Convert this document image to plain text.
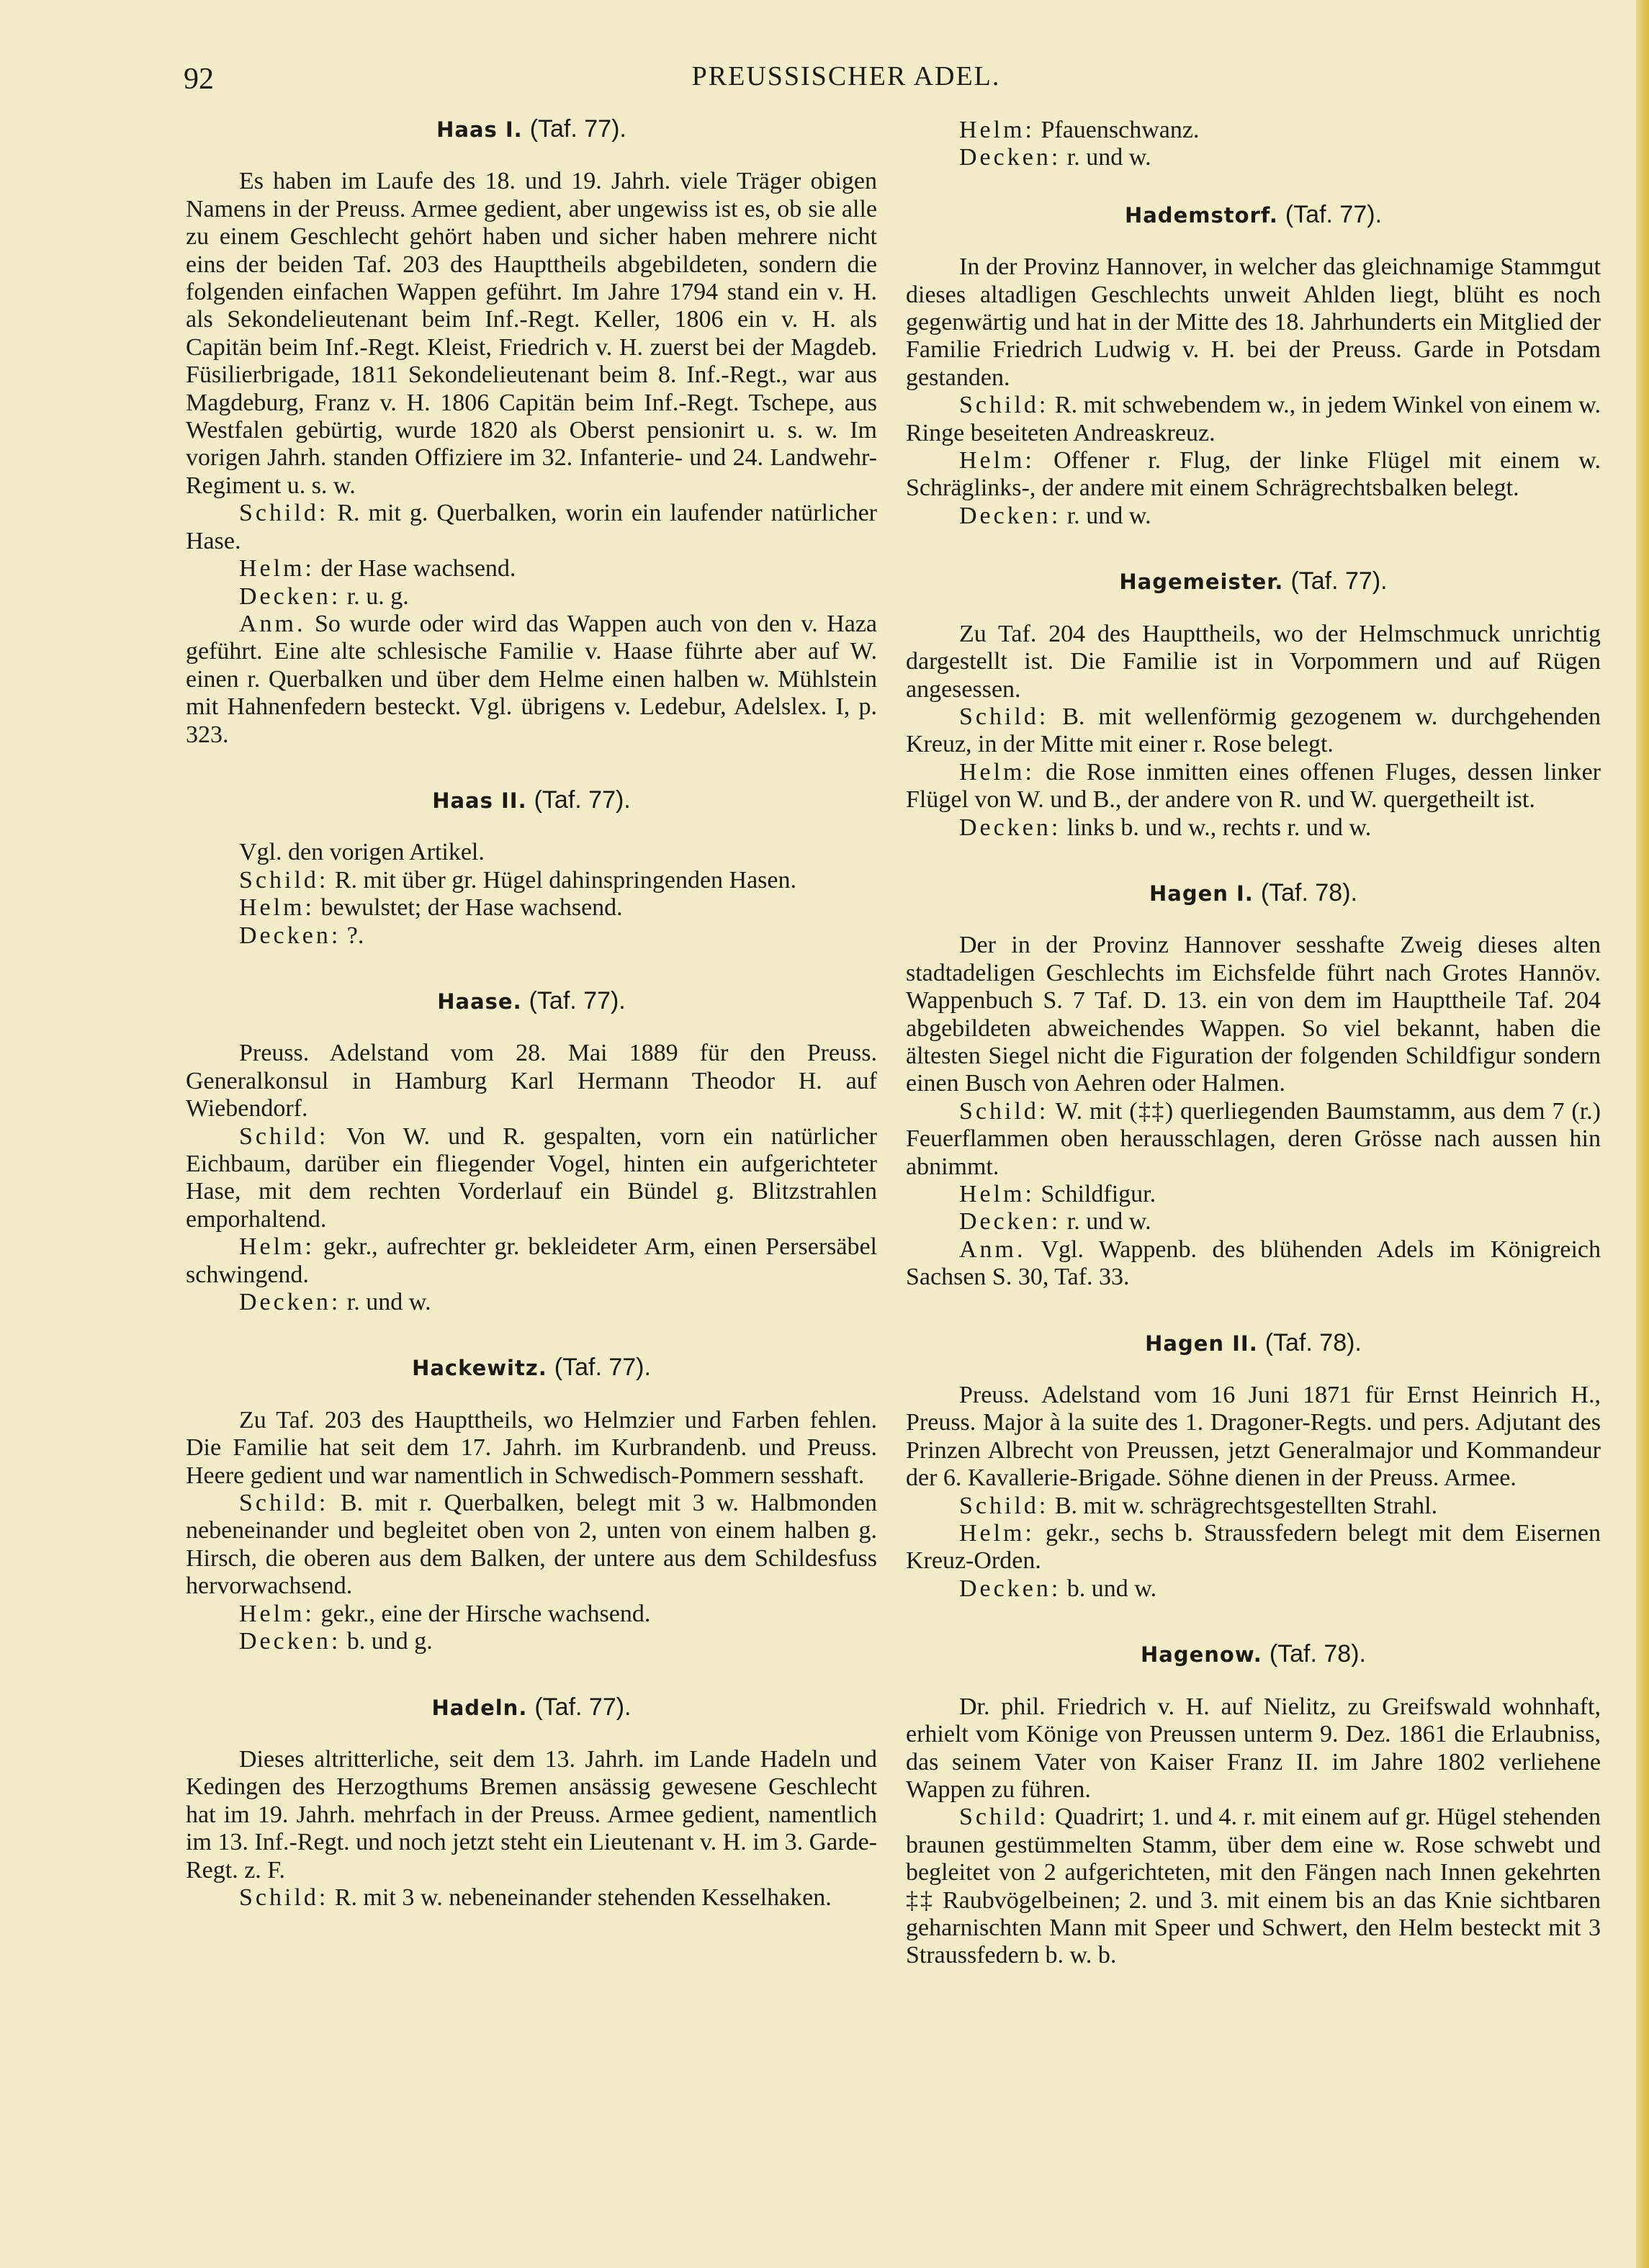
92	PREUSSISCHER ADEL.
Haas I. (Taf. 77).

Es haben im Laufe des 18. und 19. Jahrh. viele Träger obigen Namens in der Preuss. Armee gedient, aber ungewiss ist es, ob sie alle zu einem Geschlecht gehört haben und sicher haben mehrere nicht eins der beiden Taf. 203 des Haupttheils abgebildeten, sondern die folgenden einfachen Wappen geführt. Im Jahre 1794 stand ein v. H. als Sekondelieutenant beim Inf.-Regt. Keller, 1806 ein v. H. als Capitän beim Inf.-Regt. Kleist, Friedrich v. H. zuerst bei der Magdeb. Füsilierbrigade, 1811 Sekondelieutenant beim 8. Inf.-Regt., war aus Magdeburg, Franz v. H. 1806 Capitän beim Inf.-Regt. Tschepe, aus Westfalen gebürtig, wurde 1820 als Oberst pensionirt u. s. w. Im vorigen Jahrh. standen Offiziere im 32. Infanterie- und 24. Landwehr-Regiment u. s. w.

Schild: R. mit g. Querbalken, worin ein laufender natürlicher Hase.

Helm: der Hase wachsend.

Decken: r. u. g.

Anm. So wurde oder wird das Wappen auch von den v. Haza geführt. Eine alte schlesische Familie v. Haase führte aber auf W. einen r. Querbalken und über dem Helme einen halben w. Mühlstein mit Hahnenfedern besteckt. Vgl. übrigens v. Ledebur, Adelslex. I, p. 323.

Haas II. (Taf. 77).

Vgl. den vorigen Artikel.

Schild: R. mit über gr. Hügel dahinspringenden Hasen.

Helm: bewulstet; der Hase wachsend.

Decken: ?.

Haase. (Taf. 77).

Preuss. Adelstand vom 28. Mai 1889 für den Preuss. Generalkonsul in Hamburg Karl Hermann Theodor H. auf Wiebendorf.

Schild: Von W. und R. gespalten, vorn ein natürlicher Eichbaum, darüber ein fliegender Vogel, hinten ein aufgerichteter Hase, mit dem rechten Vorderlauf ein Bündel g. Blitzstrahlen emporhaltend.

Helm: gekr., aufrechter gr. bekleideter Arm, einen Persersäbel schwingend.

Decken: r. und w.

Hackewitz. (Taf. 77).

Zu Taf. 203 des Haupttheils, wo Helmzier und Farben fehlen. Die Familie hat seit dem 17. Jahrh. im Kurbrandenb. und Preuss. Heere gedient und war namentlich in Schwedisch-Pommern sesshaft.

Schild: B. mit r. Querbalken, belegt mit 3 w. Halbmonden nebeneinander und begleitet oben von 2, unten von einem halben g. Hirsch, die oberen aus dem Balken, der untere aus dem Schildesfuss hervorwachsend.

Helm: gekr., eine der Hirsche wachsend.

Decken: b. und g.

Hadeln. (Taf. 77).

Dieses altritterliche, seit dem 13. Jahrh. im Lande Hadeln und Kedingen des Herzogthums Bremen ansässig gewesene Geschlecht hat im 19. Jahrh. mehrfach in der Preuss. Armee gedient, namentlich im 13. Inf.-Regt. und noch jetzt steht ein Lieutenant v. H. im 3. Garde-Regt. z. F.

Schild: R. mit 3 w. nebeneinander stehenden Kesselhaken.

Helm: Pfauenschwanz.

Decken: r. und w.

Hademstorf. (Taf. 77).

In der Provinz Hannover, in welcher das gleichnamige Stammgut dieses altadligen Geschlechts unweit Ahlden liegt, blüht es noch gegenwärtig und hat in der Mitte des 18. Jahrhunderts ein Mitglied der Familie Friedrich Ludwig v. H. bei der Preuss. Garde in Potsdam gestanden.

Schild: R. mit schwebendem w., in jedem Winkel von einem w. Ringe beseiteten Andreaskreuz.

Helm: Offener r. Flug, der linke Flügel mit einem w. Schräglinks-, der andere mit einem Schrägrechtsbalken belegt.

Decken: r. und w.

Hagemeister. (Taf. 77).

Zu Taf. 204 des Haupttheils, wo der Helmschmuck unrichtig dargestellt ist. Die Familie ist in Vorpommern und auf Rügen angesessen.

Schild: B. mit wellenförmig gezogenem w. durchgehenden Kreuz, in der Mitte mit einer r. Rose belegt.

Helm: die Rose inmitten eines offenen Fluges, dessen linker Flügel von W. und B., der andere von R. und W. quergetheilt ist.

Decken: links b. und w., rechts r. und w.

Hagen I. (Taf. 78).

Der in der Provinz Hannover sesshafte Zweig dieses alten stadtadeligen Geschlechts im Eichsfelde führt nach Grotes Hannöv. Wappenbuch S. 7 Taf. D. 13. ein von dem im Haupttheile Taf. 204 abgebildeten abweichendes Wappen. So viel bekannt, haben die ältesten Siegel nicht die Figuration der folgenden Schildfigur sondern einen Busch von Aehren oder Halmen.

Schild: W. mit (‡‡) querliegenden Baumstamm, aus dem 7 (r.) Feuerflammen oben herausschlagen, deren Grösse nach aussen hin abnimmt.

Helm: Schildfigur.

Decken: r. und w.

Anm. Vgl. Wappenb. des blühenden Adels im Königreich Sachsen S. 30, Taf. 33.

Hagen II. (Taf. 78).

Preuss. Adelstand vom 16 Juni 1871 für Ernst Heinrich H., Preuss. Major à la suite des 1. Dragoner-Regts. und pers. Adjutant des Prinzen Albrecht von Preussen, jetzt Generalmajor und Kommandeur der 6. Kavallerie-Brigade. Söhne dienen in der Preuss. Armee.

Schild: B. mit w. schrägrechtsgestellten Strahl.

Helm: gekr., sechs b. Straussfedern belegt mit dem Eisernen Kreuz-Orden.

Decken: b. und w.

Hagenow. (Taf. 78).

Dr. phil. Friedrich v. H. auf Nielitz, zu Greifswald wohnhaft, erhielt vom Könige von Preussen unterm 9. Dez. 1861 die Erlaubniss, das seinem Vater von Kaiser Franz II. im Jahre 1802 verliehene Wappen zu führen.

Schild: Quadrirt; 1. und 4. r. mit einem auf gr. Hügel stehenden braunen gestümmelten Stamm, über dem eine w. Rose schwebt und begleitet von 2 aufgerichteten, mit den Fängen nach Innen gekehrten ‡‡ Raubvögelbeinen; 2. und 3. mit einem bis an das Knie sichtbaren geharnischten Mann mit Speer und Schwert, den Helm besteckt mit 3 Straussfedern b. w. b.
